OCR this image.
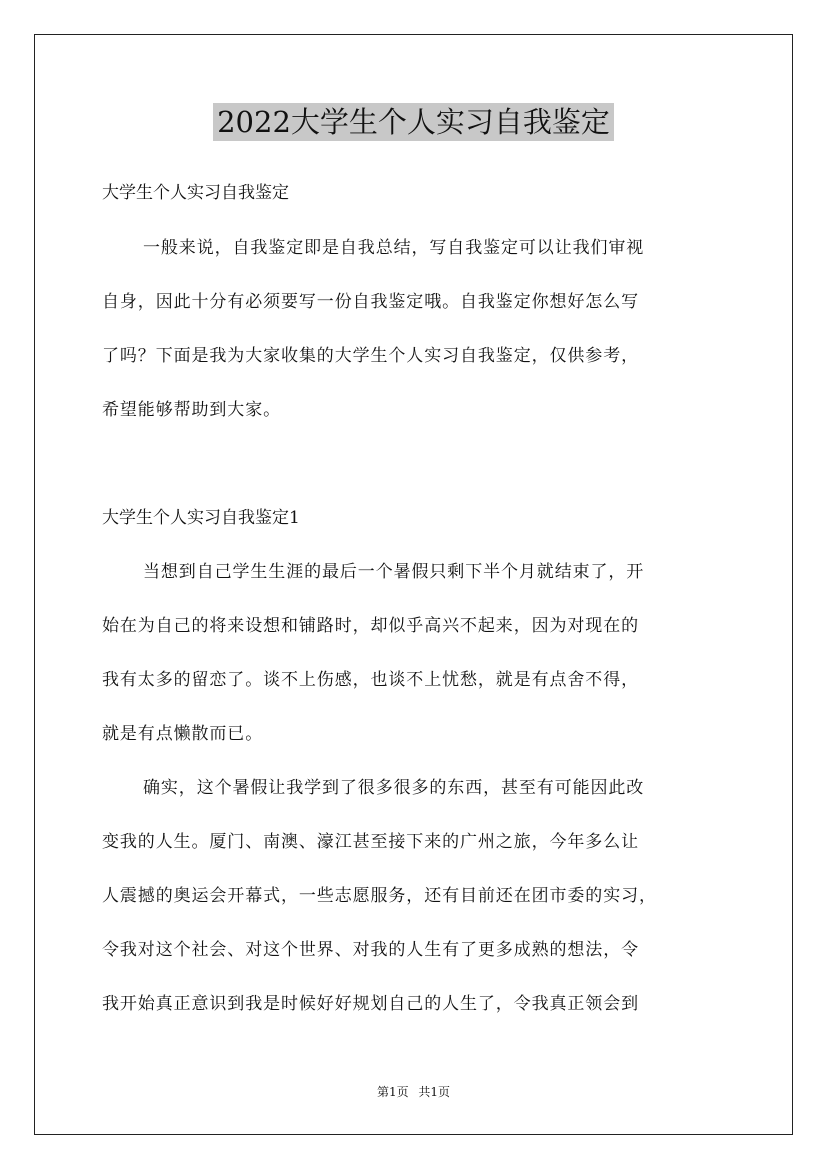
2022大学生个人实习自我鉴定
大学生个人实习自我鉴定
一般来说，自我鉴定即是自我总结，写自我鉴定可以让我们审视
自身，因此十分有必须要写一份自我鉴定哦。自我鉴定你想好怎么写
了吗？下面是我为大家收集的大学生个人实习自我鉴定，仅供参考，
希望能够帮助到大家。
大学生个人实习自我鉴定1
当想到自己学生生涯的最后一个暑假只剩下半个月就结束了，开
始在为自己的将来设想和铺路时，却似乎高兴不起来，因为对现在的
我有太多的留恋了。谈不上伤感，也谈不上忧愁，就是有点舍不得，
就是有点懒散而已。
确实，这个暑假让我学到了很多很多的东西，甚至有可能因此改
变我的人生。厦门、南澳、濠江甚至接下来的广州之旅，今年多么让
人震撼的奥运会开幕式，一些志愿服务，还有目前还在团市委的实习，
令我对这个社会、对这个世界、对我的人生有了更多成熟的想法，令
我开始真正意识到我是时候好好规划自己的人生了，令我真正领会到
第1页 共1页
